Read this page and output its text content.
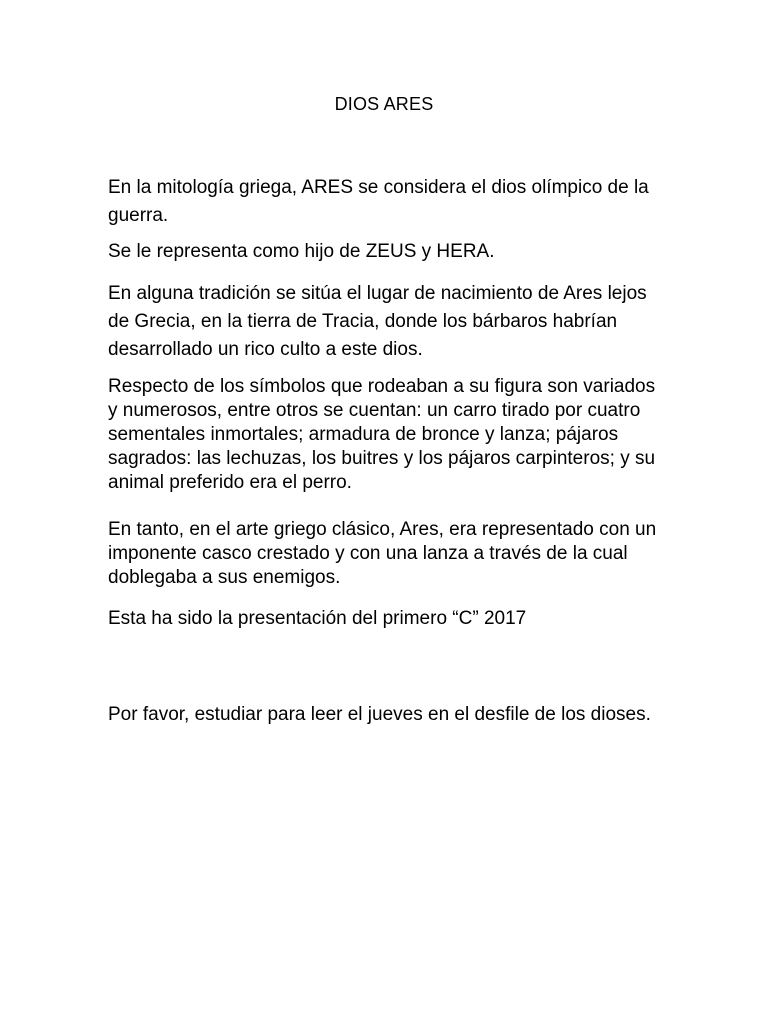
DIOS ARES

En la mitología griega, ARES se considera el dios olímpico de la guerra.

Se le representa como hijo de ZEUS y HERA.

En alguna tradición se sitúa el lugar de nacimiento de Ares lejos de Grecia, en la tierra de Tracia, donde los bárbaros habrían desarrollado un rico culto a este dios.

Respecto de los símbolos que rodeaban a su figura son variados y numerosos, entre otros se cuentan: un carro tirado por cuatro sementales inmortales; armadura de bronce y lanza; pájaros sagrados: las lechuzas, los buitres y los pájaros carpinteros; y su animal preferido era el perro.

En tanto, en el arte griego clásico, Ares, era representado con un imponente casco crestado y con una lanza a través de la cual doblegaba a sus enemigos.

Esta ha sido la presentación del primero “C” 2017

Por favor, estudiar para leer el jueves en el desfile de los dioses.
